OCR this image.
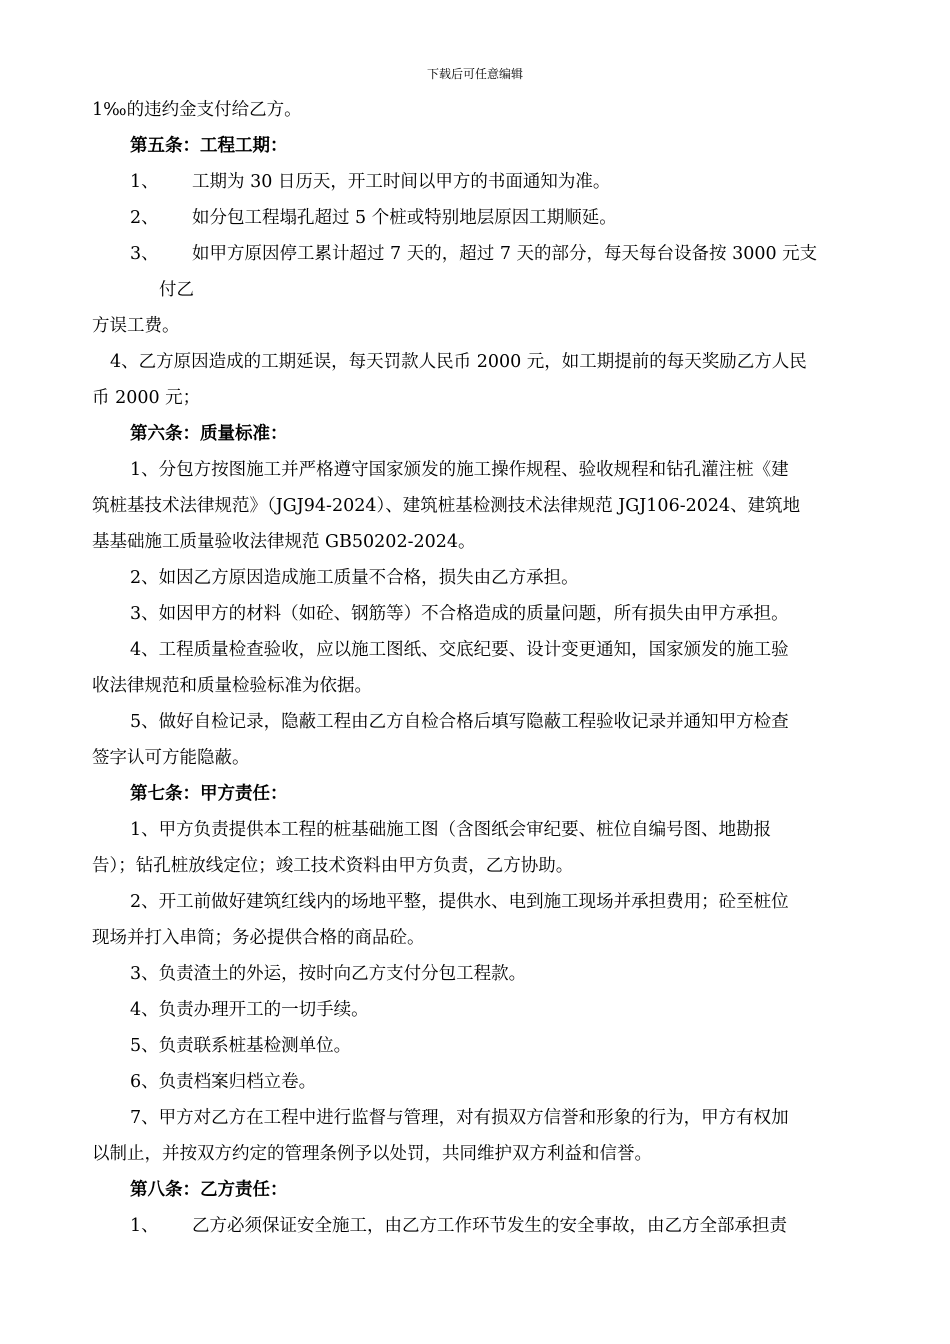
下载后可任意编辑

1‰的违约金支付给乙方。

第五条：工程工期：

1、 工期为 30 日历天，开工时间以甲方的书面通知为准。

2、 如分包工程塌孔超过 5 个桩或特别地层原因工期顺延。

3、 如甲方原因停工累计超过 7 天的，超过 7 天的部分，每天每台设备按 3000 元支

付乙

方误工费。

4、乙方原因造成的工期延误，每天罚款人民币 2000 元，如工期提前的每天奖励乙方人民

币 2000 元；

第六条：质量标准：

1、分包方按图施工并严格遵守国家颁发的施工操作规程、验收规程和钻孔灌注桩《建

筑桩基技术法律规范》（JGJ94-2024）、建筑桩基检测技术法律规范 JGJ106-2024、建筑地

基基础施工质量验收法律规范 GB50202-2024。

2、如因乙方原因造成施工质量不合格，损失由乙方承担。

3、如因甲方的材料（如砼、钢筋等）不合格造成的质量问题，所有损失由甲方承担。

4、工程质量检查验收，应以施工图纸、交底纪要、设计变更通知，国家颁发的施工验

收法律规范和质量检验标准为依据。

5、做好自检记录，隐蔽工程由乙方自检合格后填写隐蔽工程验收记录并通知甲方检查

签字认可方能隐蔽。

第七条：甲方责任：

1、甲方负责提供本工程的桩基础施工图（含图纸会审纪要、桩位自编号图、地勘报

告）；钻孔桩放线定位；竣工技术资料由甲方负责，乙方协助。

2、开工前做好建筑红线内的场地平整，提供水、电到施工现场并承担费用；砼至桩位

现场并打入串筒；务必提供合格的商品砼。

3、负责渣土的外运，按时向乙方支付分包工程款。

4、负责办理开工的一切手续。

5、负责联系桩基检测单位。

6、负责档案归档立卷。

7、甲方对乙方在工程中进行监督与管理，对有损双方信誉和形象的行为，甲方有权加

以制止，并按双方约定的管理条例予以处罚，共同维护双方利益和信誉。

第八条：乙方责任：

1、 乙方必须保证安全施工，由乙方工作环节发生的安全事故，由乙方全部承担责
